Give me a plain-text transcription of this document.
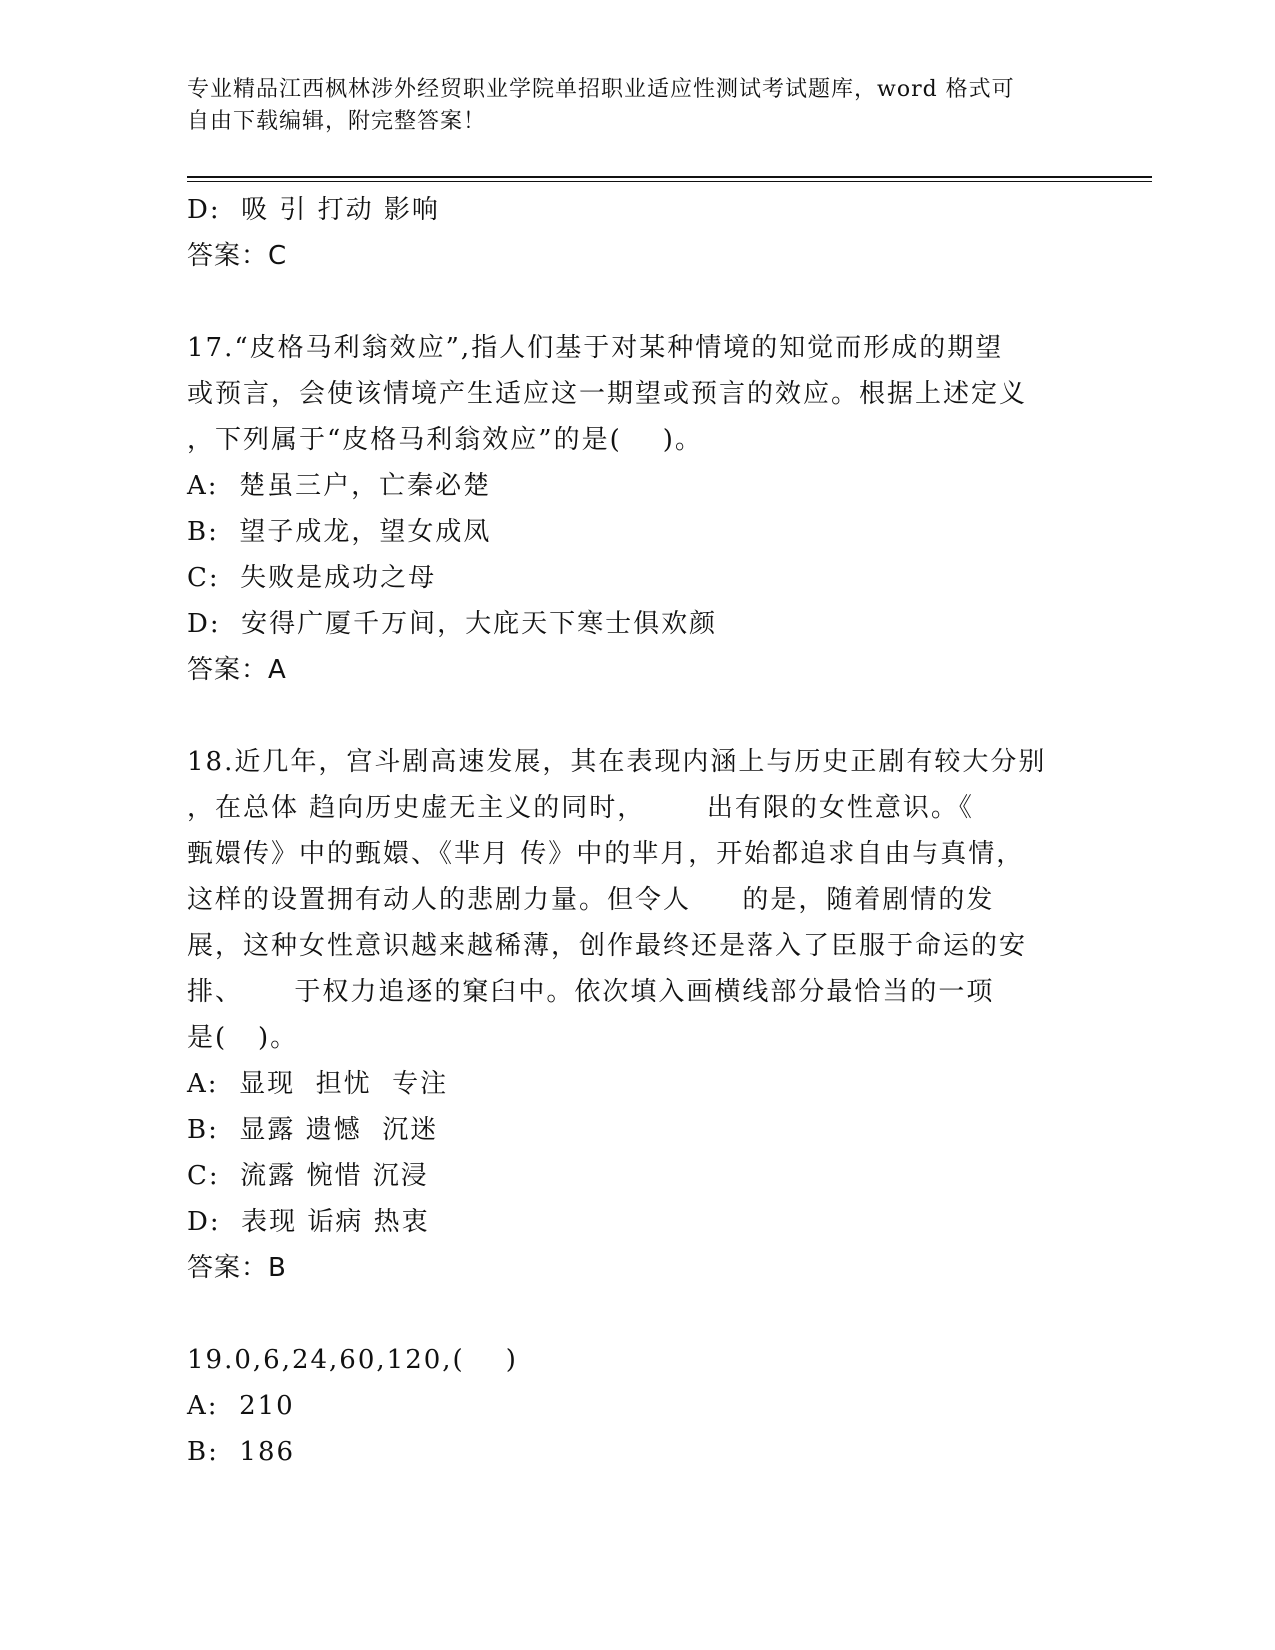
专业精品江西枫林涉外经贸职业学院单招职业适应性测试考试题库，word 格式可

自由下载编辑，附完整答案！

D:  吸 引 打动 影响

答案：C

17.“皮格马利翁效应”,指人们基于对某种情境的知觉而形成的期望

或预言，会使该情境产生适应这一期望或预言的效应。根据上述定义

，下列属于“皮格马利翁效应”的是(    )。

A:  楚虽三户，亡秦必楚

B:  望子成龙，望女成凤

C:  失败是成功之母

D:  安得广厦千万间，大庇天下寒士俱欢颜

答案：A

18.近几年，宫斗剧高速发展，其在表现内涵上与历史正剧有较大分别

，在总体 趋向历史虚无主义的同时，      出有限的女性意识。《

甄嬛传》中的甄嬛、《芈月 传》中的芈月，开始都追求自由与真情，

这样的设置拥有动人的悲剧力量。但令人     的是，随着剧情的发

展，这种女性意识越来越稀薄，创作最终还是落入了臣服于命运的安

排、     于权力追逐的窠臼中。依次填入画横线部分最恰当的一项

是(   )。

A:  显现  担忧  专注

B:  显露 遗憾  沉迷

C:  流露 惋惜 沉浸

D:  表现 诟病 热衷

答案：B

19.0,6,24,60,120,(    )

A:  210

B:  186
